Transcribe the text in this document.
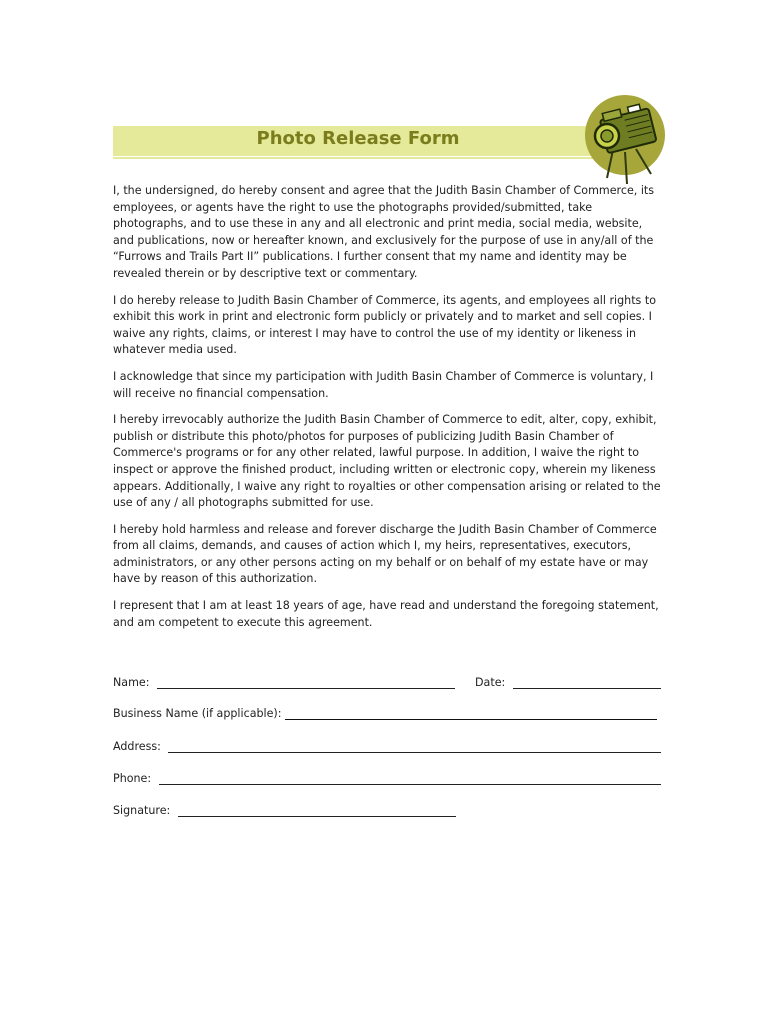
Photo Release Form

I, the undersigned, do hereby consent and agree that the Judith Basin Chamber of Commerce, its employees, or agents have the right to use the photographs provided/submitted, take photographs, and to use these in any and all electronic and print media, social media, website, and publications, now or hereafter known, and exclusively for the purpose of use in any/all of the “Furrows and Trails Part II” publications. I further consent that my name and identity may be revealed therein or by descriptive text or commentary.

I do hereby release to Judith Basin Chamber of Commerce, its agents, and employees all rights to exhibit this work in print and electronic form publicly or privately and to market and sell copies. I waive any rights, claims, or interest I may have to control the use of my identity or likeness in whatever media used.

I acknowledge that since my participation with Judith Basin Chamber of Commerce is voluntary, I will receive no financial compensation.

I hereby irrevocably authorize the Judith Basin Chamber of Commerce to edit, alter, copy, exhibit, publish or distribute this photo/photos for purposes of publicizing Judith Basin Chamber of Commerce's programs or for any other related, lawful purpose. In addition, I waive the right to inspect or approve the finished product, including written or electronic copy, wherein my likeness appears. Additionally, I waive any right to royalties or other compensation arising or related to the use of any / all photographs submitted for use.

I hereby hold harmless and release and forever discharge the Judith Basin Chamber of Commerce from all claims, demands, and causes of action which I, my heirs, representatives, executors, administrators, or any other persons acting on my behalf or on behalf of my estate have or may have by reason of this authorization.

I represent that I am at least 18 years of age, have read and understand the foregoing statement, and am competent to execute this agreement.

Name:	Date:
Business Name (if applicable):
Address:
Phone:
Signature:
